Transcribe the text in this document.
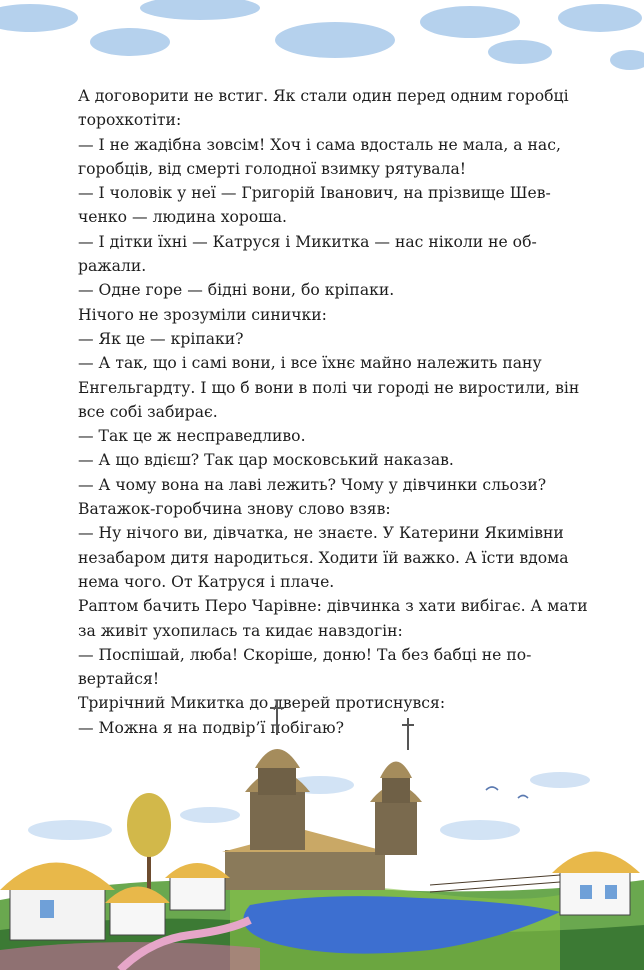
А договорити не встиг. Як стали один перед одним горобці

торохкотіти:

— І не жадібна зовсім! Хоч і сама вдосталь не мала, а нас,

горобців, від смерті голодної взимку рятувала!

— І чоловік у неї — Григорій Іванович, на прізвище Шев-

ченко — людина хороша.

— І дітки їхні — Катруся і Микитка — нас ніколи не об-

ражали.

— Одне горе — бідні вони, бо кріпаки.

Нічого не зрозуміли синички:

— Як це — кріпаки?

— А так, що і самі вони, і все їхнє майно належить пану

Енгельгардту. І що б вони в полі чи городі не виростили, він

все собі забирає.

— Так це ж несправедливо.

— А що вдієш? Так цар московський наказав.

— А чому вона на лаві лежить? Чому у дівчинки сльози?

Ватажок-горобчина знову слово взяв:

— Ну нічого ви, дівчатка, не знаєте. У Катерини Якимівни

незабаром дитя народиться. Ходити їй важко. А їсти вдома

нема чого. От Катруся і плаче.

Раптом бачить Перо Чарівне: дівчинка з хати вибігає. А мати

за живіт ухопилась та кидає навздогін:

— Поспішай, люба! Скоріше, доню! Та без бабці не по-

вертайся!

Трирічний Микитка до дверей протиснувся:

— Можна я на подвір’ї побігаю?
